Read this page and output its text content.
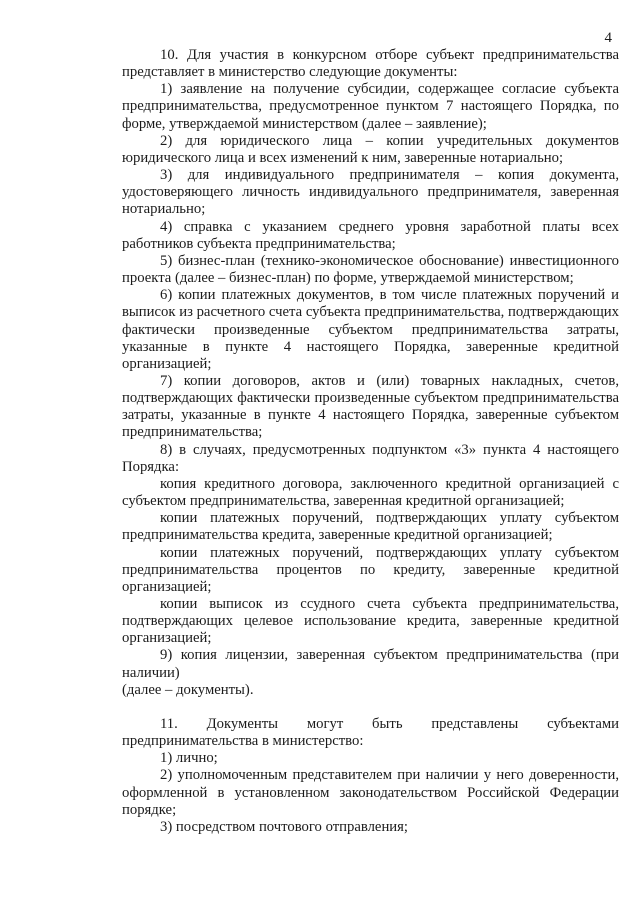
4

10. Для участия в конкурсном отборе субъект предпринимательства представляет в министерство следующие документы:

1) заявление на получение субсидии, содержащее согласие субъекта предпринимательства, предусмотренное пунктом 7 настоящего Порядка, по форме, утверждаемой министерством (далее – заявление);

2) для юридического лица – копии учредительных документов юридического лица и всех изменений к ним, заверенные нотариально;

3) для индивидуального предпринимателя – копия документа, удостоверяющего личность индивидуального предпринимателя, заверенная нотариально;

4) справка с указанием среднего уровня заработной платы всех работников субъекта предпринимательства;

5) бизнес-план (технико-экономическое обоснование) инвестиционного проекта (далее – бизнес-план) по форме, утверждаемой министерством;

6) копии платежных документов, в том числе платежных поручений и выписок из расчетного счета субъекта предпринимательства, подтверждающих фактически произведенные субъектом предпринимательства затраты, указанные в пункте 4 настоящего Порядка, заверенные кредитной организацией;

7) копии договоров, актов и (или) товарных накладных, счетов, подтверждающих фактически произведенные субъектом предпринимательства затраты, указанные в пункте 4 настоящего Порядка, заверенные субъектом предпринимательства;

8) в случаях, предусмотренных подпунктом «3» пункта 4 настоящего Порядка:

копия кредитного договора, заключенного кредитной организацией с субъектом предпринимательства, заверенная кредитной организацией;

копии платежных поручений, подтверждающих уплату субъектом предпринимательства кредита, заверенные кредитной организацией;

копии платежных поручений, подтверждающих уплату субъектом предпринимательства процентов по кредиту, заверенные кредитной организацией;

копии выписок из ссудного счета субъекта предпринимательства, подтверждающих целевое использование кредита, заверенные кредитной организацией;

9) копия лицензии, заверенная субъектом предпринимательства (при наличии)

(далее – документы).

11. Документы могут быть представлены субъектами предпринимательства в министерство:

1) лично;

2) уполномоченным представителем при наличии у него доверенности, оформленной в установленном законодательством Российской Федерации порядке;

3) посредством почтового отправления;
